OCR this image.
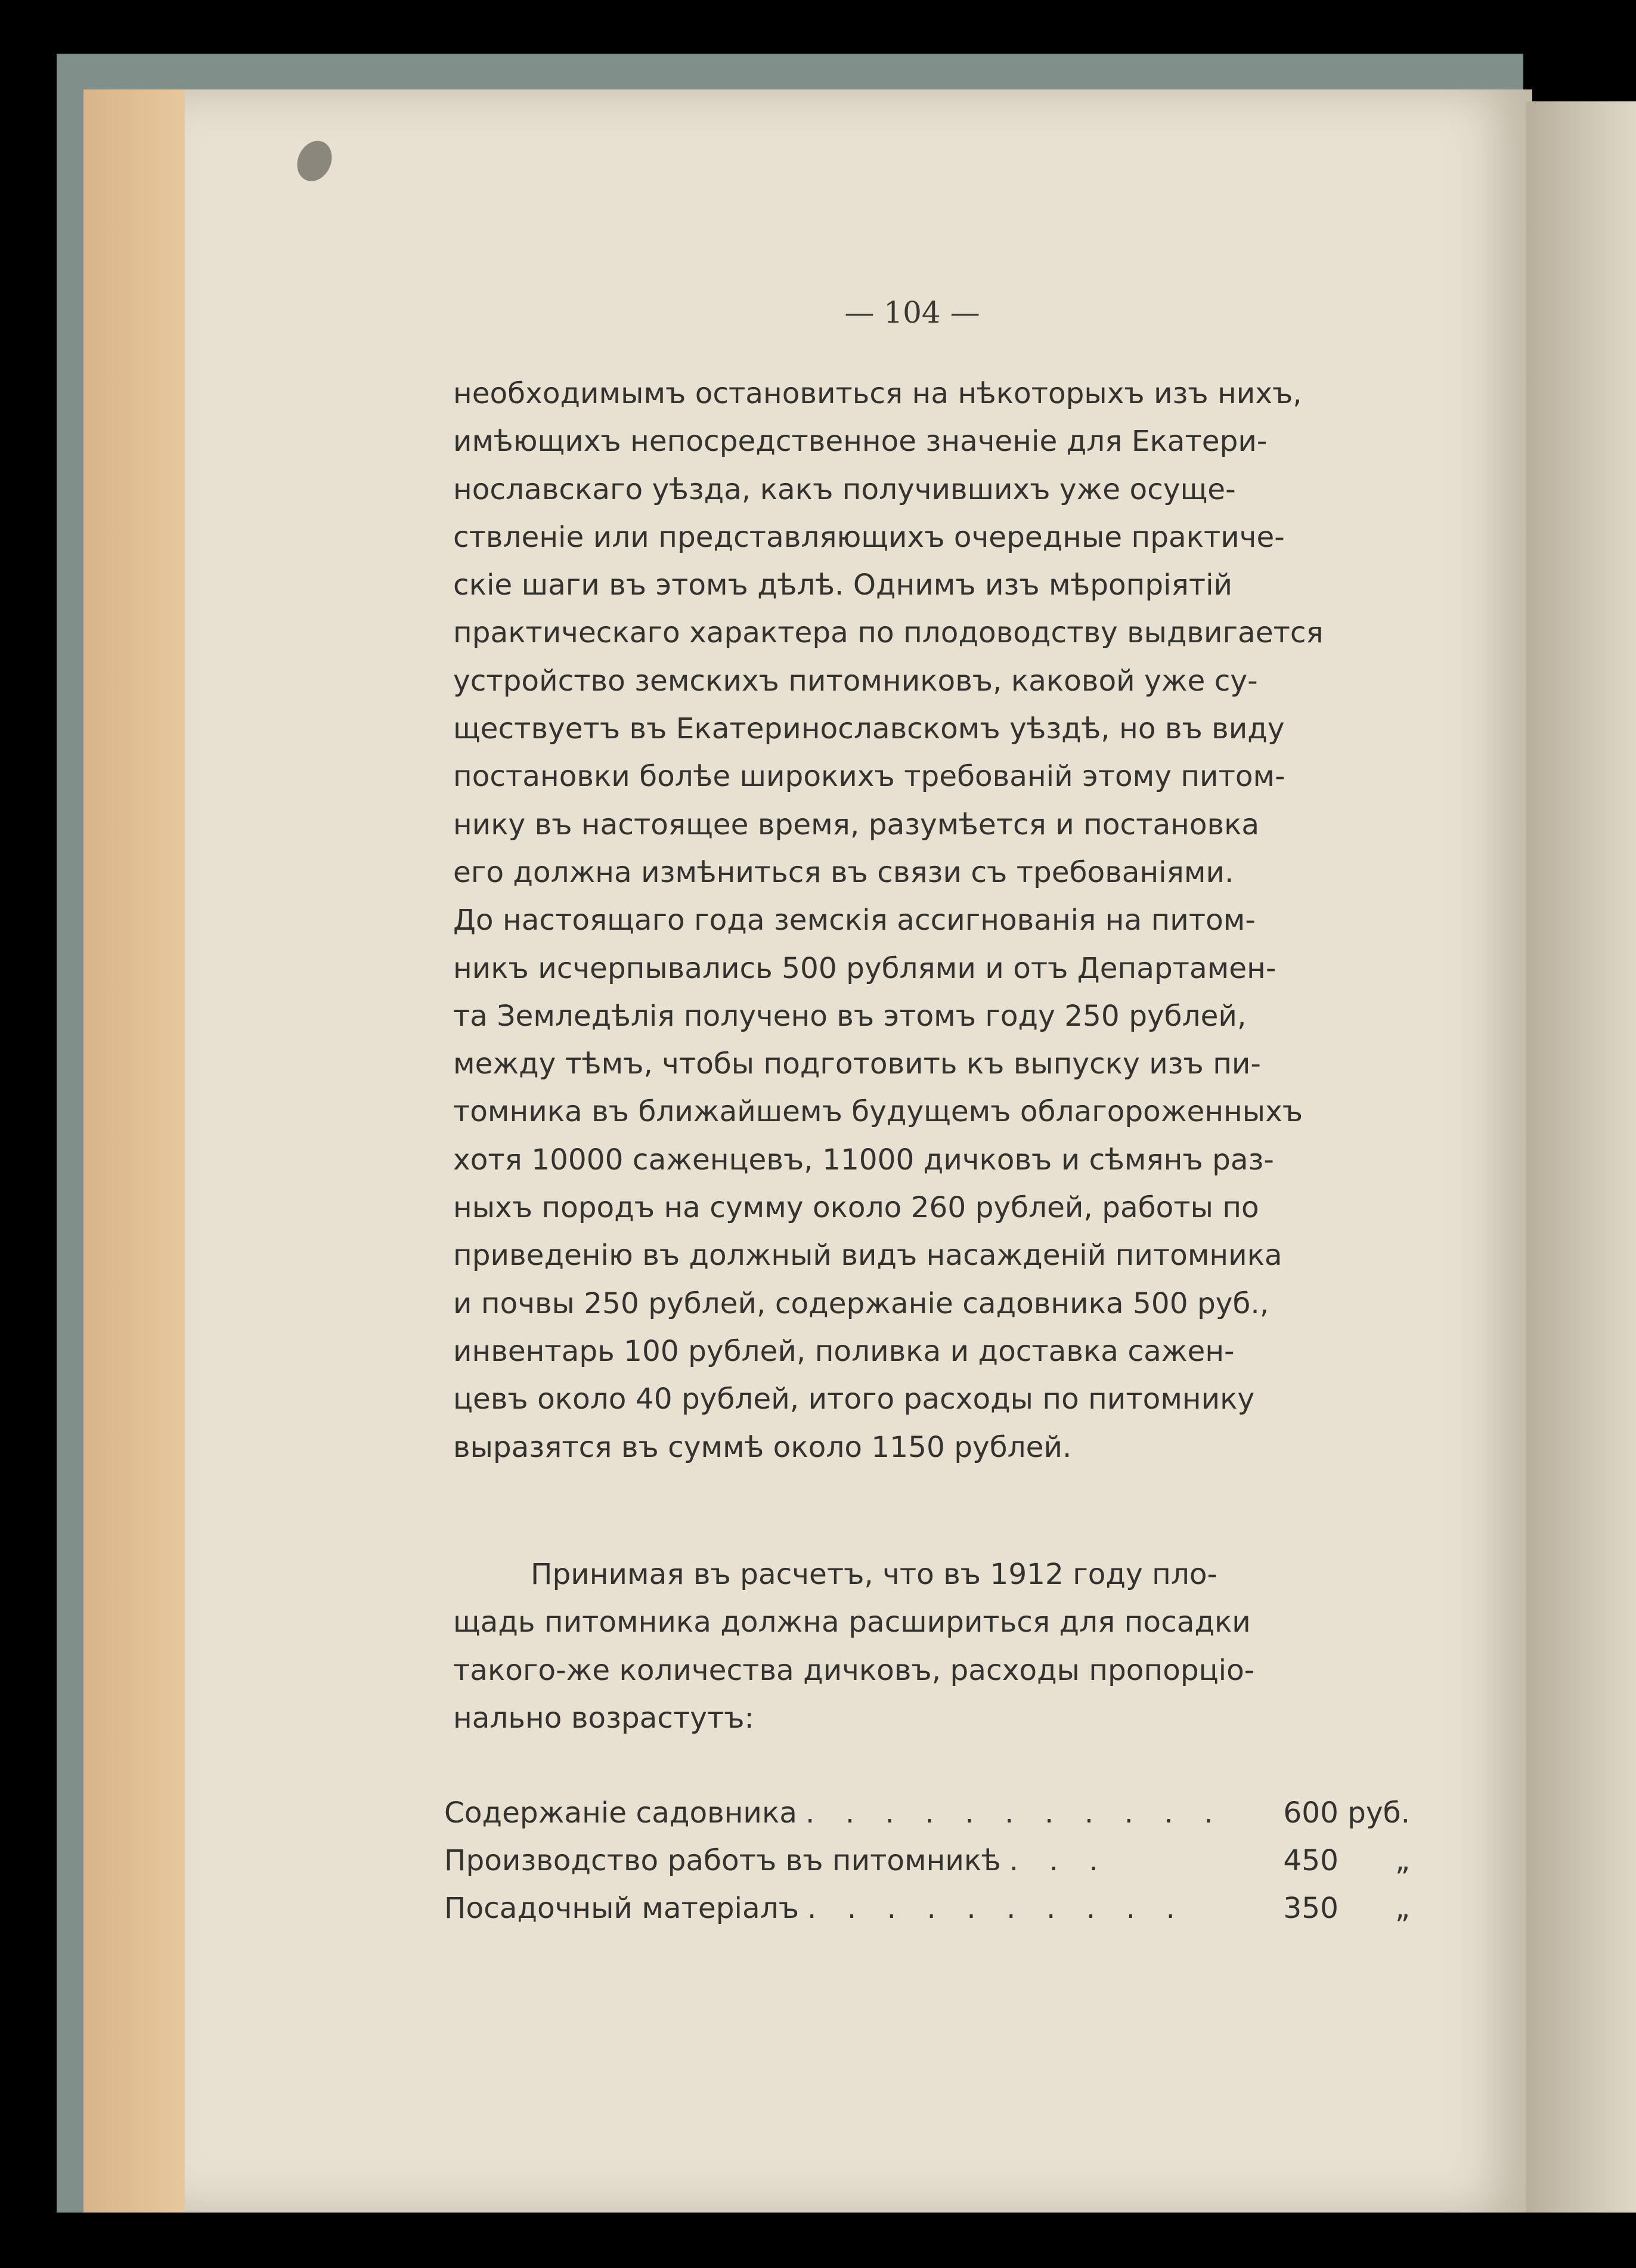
— 104 —
необходимымъ остановиться на нѣкоторыхъ изъ нихъ,
имѣющихъ непосредственное значенiе для Екатери-
нославскаго уѣзда, какъ получившихъ уже осуще-
ствленiе или представляющихъ очередные практиче-
скiе шаги въ этомъ дѣлѣ. Однимъ изъ мѣропрiятiй
практическаго характера по плодоводству выдвигается
устройство земскихъ питомниковъ, каковой уже су-
ществуетъ въ Екатеринославскомъ уѣздѣ, но въ виду
постановки болѣе широкихъ требованiй этому питом-
нику въ настоящее время, разумѣется и постановка
его должна измѣниться въ связи съ требованiями.
До настоящаго года земскiя ассигнованiя на питом-
никъ исчерпывались 500 рублями и отъ Департамен-
та Земледѣлiя получено въ этомъ году 250 рублей,
между тѣмъ, чтобы подготовить къ выпуску изъ пи-
томника въ ближайшемъ будущемъ облагороженныхъ
хотя 10000 саженцевъ, 11000 дичковъ и сѣмянъ раз-
ныхъ породъ на сумму около 260 рублей, работы по
приведенiю въ должный видъ насажденiй питомника
и почвы 250 рублей, содержанiе садовника 500 руб.,
инвентарь 100 рублей, поливка и доставка сажен-
цевъ около 40 рублей, итого расходы по питомнику
выразятся въ суммѣ около 1150 рублей.
Принимая въ расчетъ, что въ 1912 году пло-
щадь питомника должна расшириться для посадки
такого-же количества дичковъ, расходы пропорцiо-
нально возрастутъ:
Содержанiе садовника . . . . . . . . . . .	600 руб.
Производство работъ въ питомникѣ . . .	450	„
Посадочный матерiалъ . . . . . . . . . .	350	„
